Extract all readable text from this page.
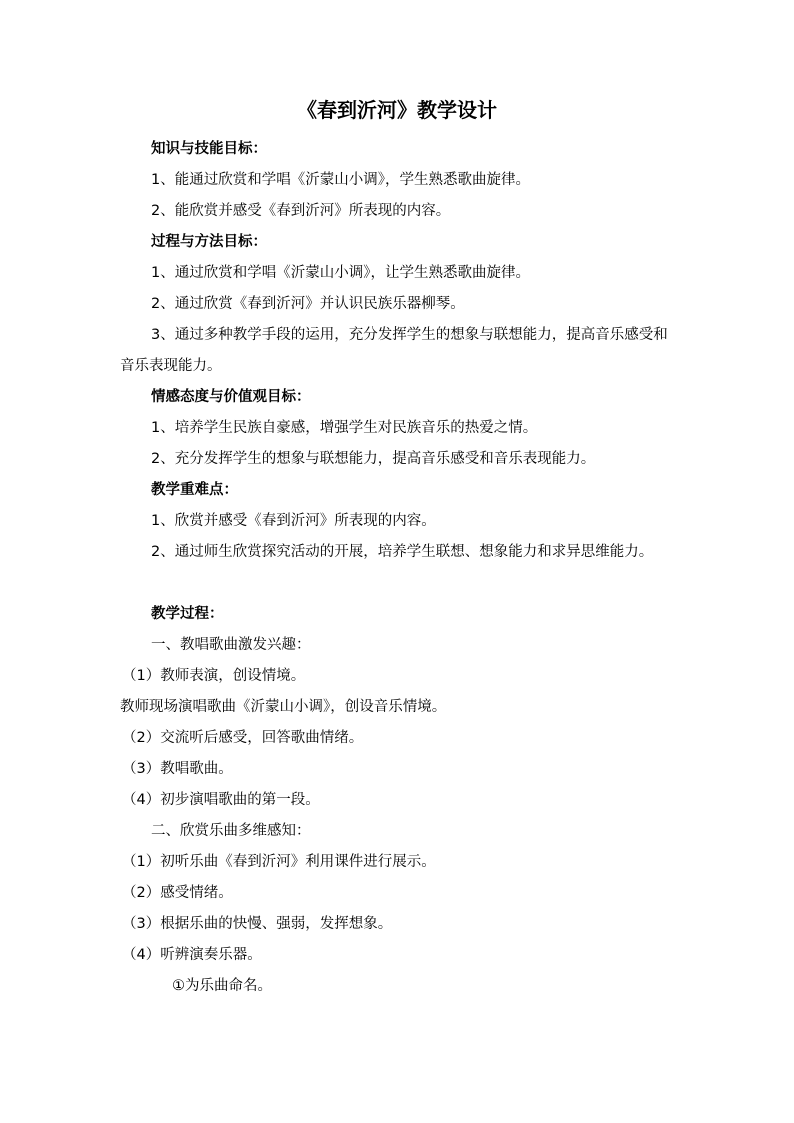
《春到沂河》教学设计
知识与技能目标：
1、能通过欣赏和学唱《沂蒙山小调》，学生熟悉歌曲旋律。
2、能欣赏并感受《春到沂河》所表现的内容。
过程与方法目标：
1、通过欣赏和学唱《沂蒙山小调》，让学生熟悉歌曲旋律。
2、通过欣赏《春到沂河》并认识民族乐器柳琴。
3、通过多种教学手段的运用，充分发挥学生的想象与联想能力，提高音乐感受和音乐表现能力。
情感态度与价值观目标：
1、培养学生民族自豪感，增强学生对民族音乐的热爱之情。
2、充分发挥学生的想象与联想能力，提高音乐感受和音乐表现能力。
教学重难点：
1、欣赏并感受《春到沂河》所表现的内容。
2、通过师生欣赏探究活动的开展，培养学生联想、想象能力和求异思维能力。
教学过程：
一、教唱歌曲激发兴趣：
（1）教师表演，创设情境。
教师现场演唱歌曲《沂蒙山小调》，创设音乐情境。
（2）交流听后感受，回答歌曲情绪。
（3）教唱歌曲。
（4）初步演唱歌曲的第一段。
二、欣赏乐曲多维感知：
（1）初听乐曲《春到沂河》利用课件进行展示。
（2）感受情绪。
（3）根据乐曲的快慢、强弱，发挥想象。
（4）听辨演奏乐器。
①为乐曲命名。
